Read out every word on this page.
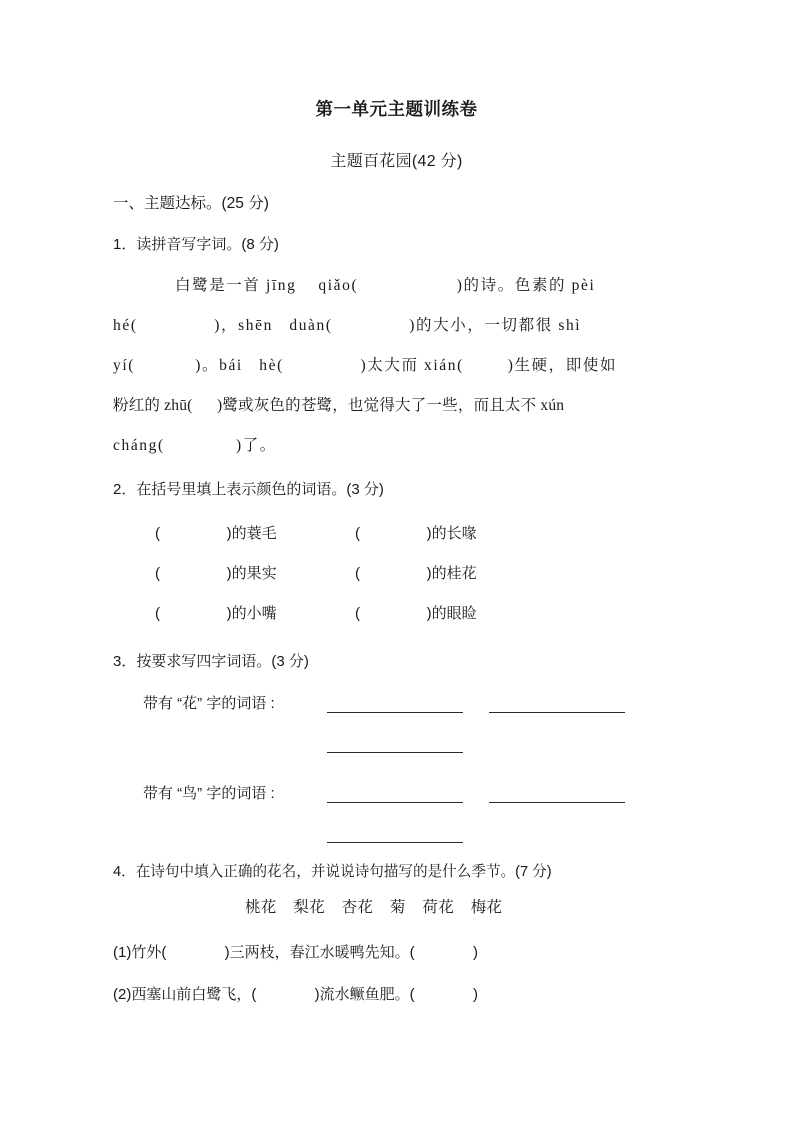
第一单元主题训练卷
主题百花园(42 分)
一、主题达标。(25 分)
1．读拼音写字词。(8 分)
白鹭是一首 jīng    qiǎo(                  )的诗。色素的 pèi
hé(              )，shēn   duàn(              )的大小，一切都很 shì
yí(           )。bái   hè(              )太大而 xián(        )生硬，即使如
粉红的 zhū(      )鹭或灰色的苍鹭，也觉得大了一些，而且太不 xún
cháng(             )了。
2．在括号里填上表示颜色的词语。(3 分)
(                )的蓑毛	(                )的长喙
(                )的果实	(                )的桂花
(                )的小嘴	(                )的眼睑
3．按要求写四字词语。(3 分)
带有 “花” 字的词语 :
带有 “鸟” 字的词语 :
4．在诗句中填入正确的花名，并说说诗句描写的是什么季节。(7 分)
桃花    梨花    杏花    菊    荷花    梅花
(1)竹外(              )三两枝，春江水暖鸭先知。(              )
(2)西塞山前白鹭飞，(              )流水鳜鱼肥。(              )
